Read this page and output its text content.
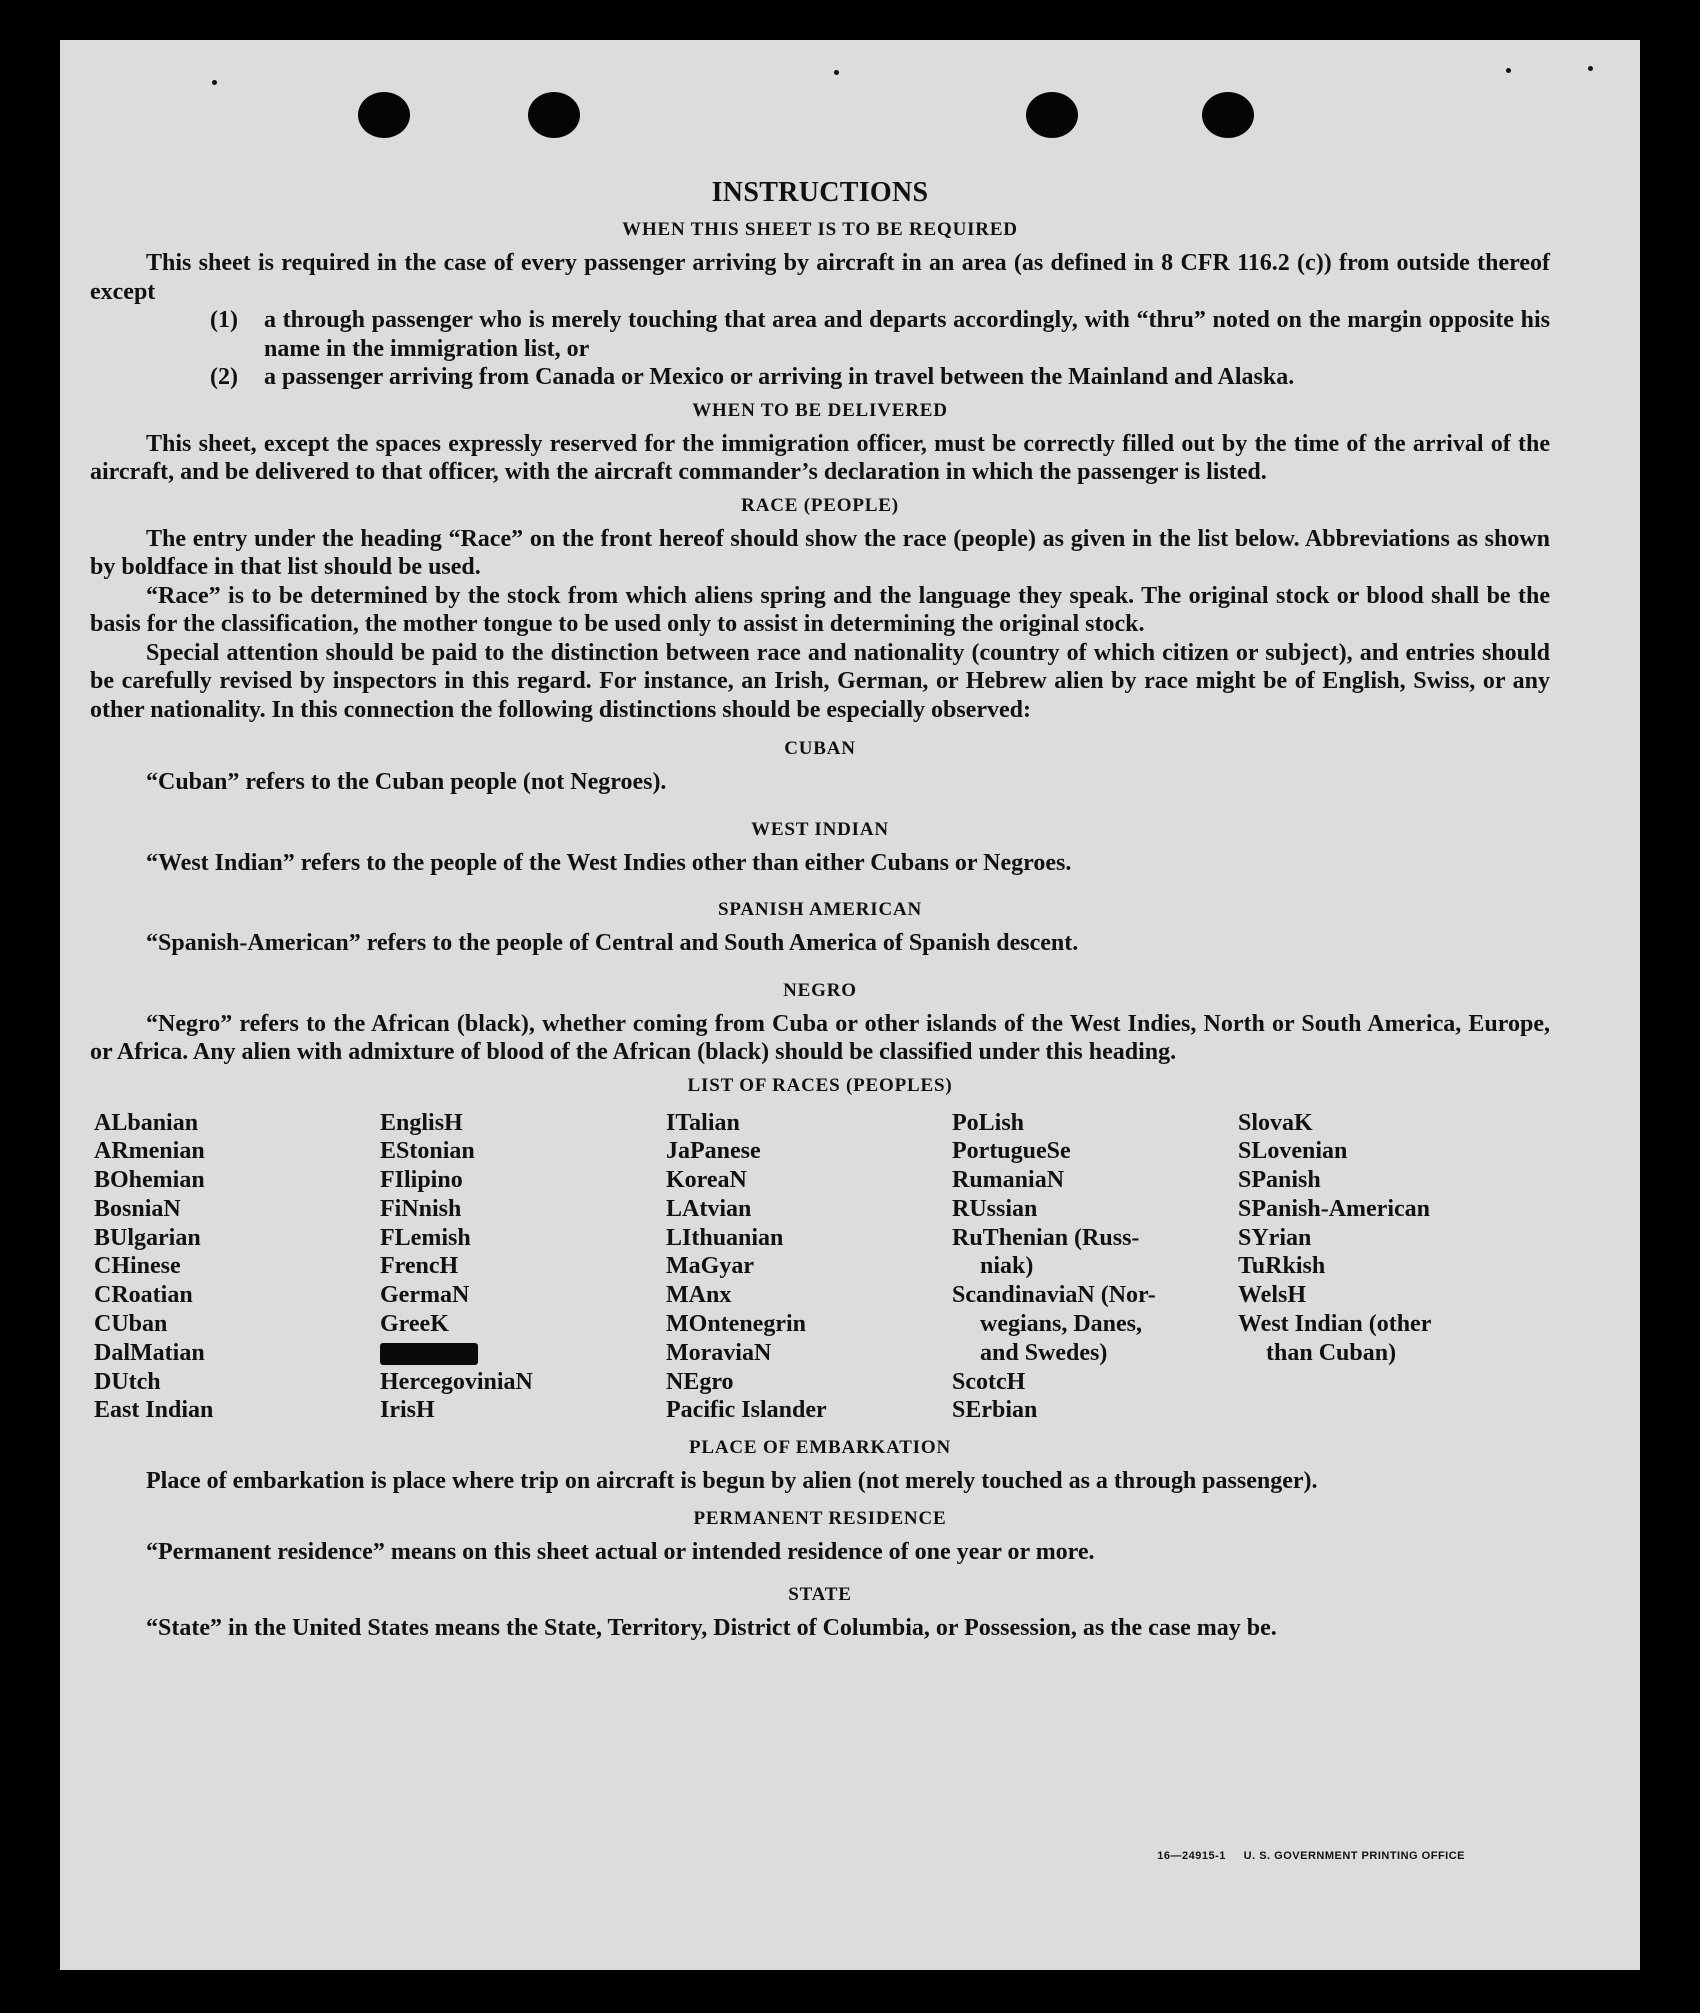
INSTRUCTIONS
WHEN THIS SHEET IS TO BE REQUIRED

This sheet is required in the case of every passenger arriving by aircraft in an area (as defined in 8 CFR 116.2 (c)) from outside thereof except

(1)	a through passenger who is merely touching that area and departs accordingly, with “thru” noted on the margin opposite his name in the immigration list, or
(2)	a passenger arriving from Canada or Mexico or arriving in travel between the Mainland and Alaska.
WHEN TO BE DELIVERED

This sheet, except the spaces expressly reserved for the immigration officer, must be correctly filled out by the time of the arrival of the aircraft, and be delivered to that officer, with the aircraft commander’s declaration in which the passenger is listed.

RACE (PEOPLE)

The entry under the heading “Race” on the front hereof should show the race (people) as given in the list below. Abbreviations as shown by boldface in that list should be used.

“Race” is to be determined by the stock from which aliens spring and the language they speak. The original stock or blood shall be the basis for the classification, the mother tongue to be used only to assist in determining the original stock.

Special attention should be paid to the distinction between race and nationality (country of which citizen or subject), and entries should be carefully revised by inspectors in this regard. For instance, an Irish, German, or Hebrew alien by race might be of English, Swiss, or any other nationality. In this connection the following distinctions should be especially observed:

CUBAN

“Cuban” refers to the Cuban people (not Negroes).

WEST INDIAN

“West Indian” refers to the people of the West Indies other than either Cubans or Negroes.

SPANISH AMERICAN

“Spanish-American” refers to the people of Central and South America of Spanish descent.

NEGRO

“Negro” refers to the African (black), whether coming from Cuba or other islands of the West Indies, North or South America, Europe, or Africa. Any alien with admixture of blood of the African (black) should be classified under this heading.

LIST OF RACES (PEOPLES)
ALbanian
ARmenian
BOhemian
BosniaN
BUlgarian
CHinese
CRoatian
CUban
DalMatian
DUtch
East Indian
EnglisH
EStonian
FIlipino
FiNnish
FLemish
FrencH
GermaN
GreeK
HercegoviniaN
IrisH
ITalian
JaPanese
KoreaN
LAtvian
LIthuanian
MaGyar
MAnx
MOntenegrin
MoraviaN
NEgro
Pacific Islander
PoLish
PortugueSe
RumaniaN
RUssian
RuThenian (Russ-
niak)
ScandinaviaN (Nor-
wegians, Danes,
and Swedes)
ScotcH
SErbian
SlovaK
SLovenian
SPanish
SPanish-American
SYrian
TuRkish
WelsH
West Indian (other
than Cuban)
PLACE OF EMBARKATION

Place of embarkation is place where trip on aircraft is begun by alien (not merely touched as a through passenger).

PERMANENT RESIDENCE

“Permanent residence” means on this sheet actual or intended residence of one year or more.

STATE

“State” in the United States means the State, Territory, District of Columbia, or Possession, as the case may be.

16—24915-1 U. S. GOVERNMENT PRINTING OFFICE
